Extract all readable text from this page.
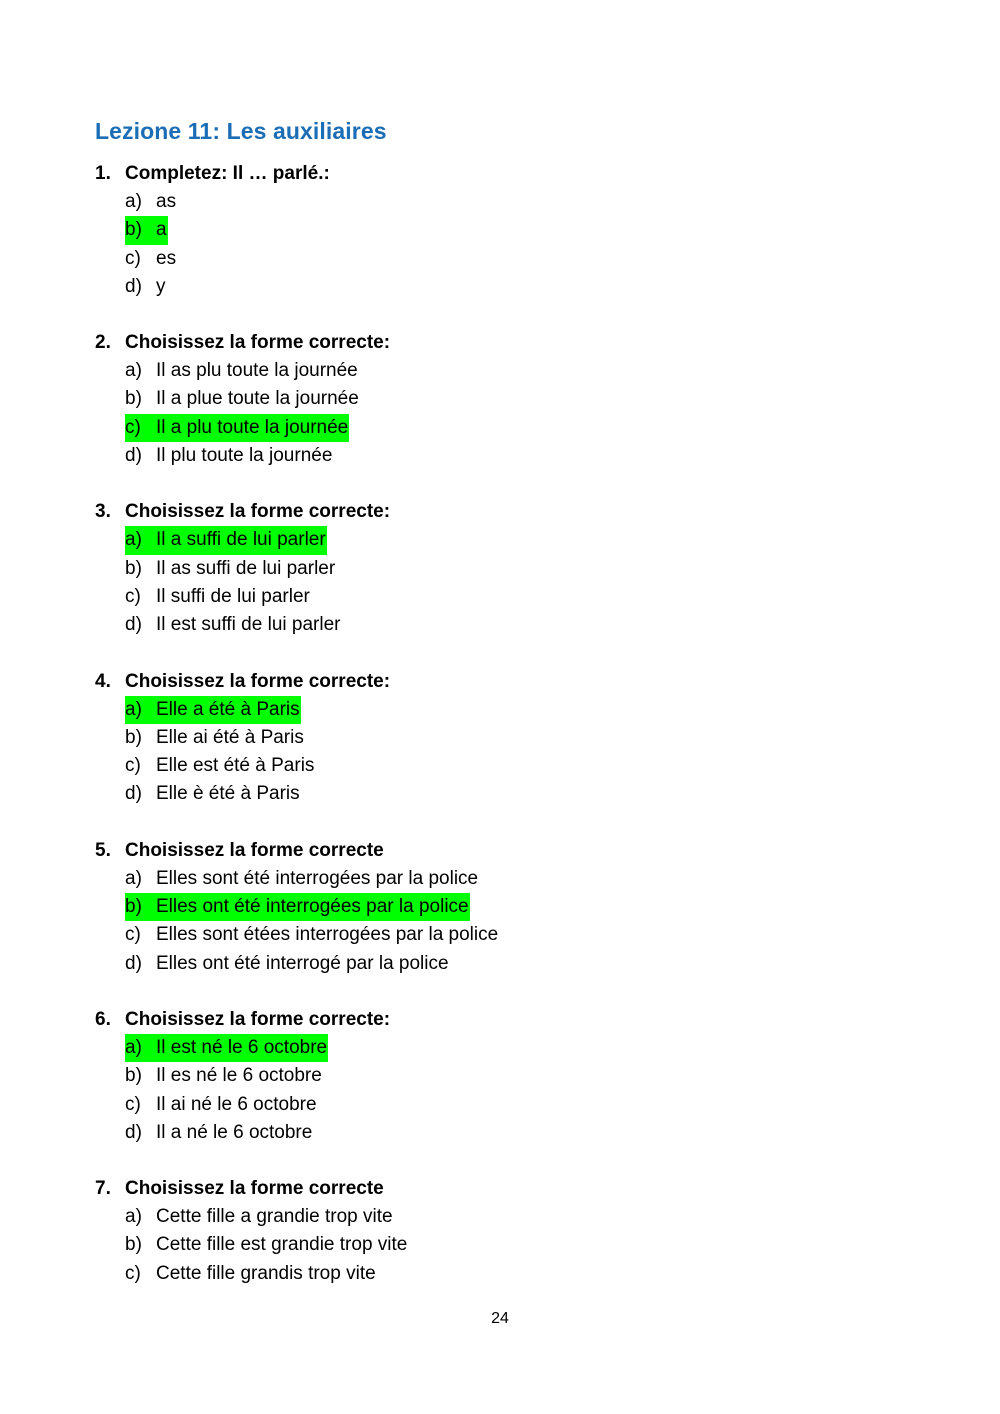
Lezione 11: Les auxiliaires
1. Completez: Il … parlé.:
a) as
b) a
c) es
d) y
2. Choisissez la forme correcte:
a) Il as plu toute la journée
b) Il a plue toute la journée
c) Il a plu toute la journée
d) Il plu toute la journée
3. Choisissez la forme correcte:
a) Il a suffi de lui parler
b) Il as suffi de lui parler
c) Il suffi de lui parler
d) Il est suffi de lui parler
4. Choisissez la forme correcte:
a) Elle a été à Paris
b) Elle ai été à Paris
c) Elle est été à Paris
d) Elle è été à Paris
5. Choisissez la forme correcte
a) Elles sont été interrogées par la police
b) Elles ont été interrogées par la police
c) Elles sont étées interrogées par la police
d) Elles ont été interrogé par la police
6. Choisissez la forme correcte:
a) Il est né le 6 octobre
b) Il es né le 6 octobre
c) Il ai né le 6 octobre
d) Il a né le 6 octobre
7. Choisissez la forme correcte
a) Cette fille a grandie trop vite
b) Cette fille est grandie trop vite
c) Cette fille grandis trop vite
24
